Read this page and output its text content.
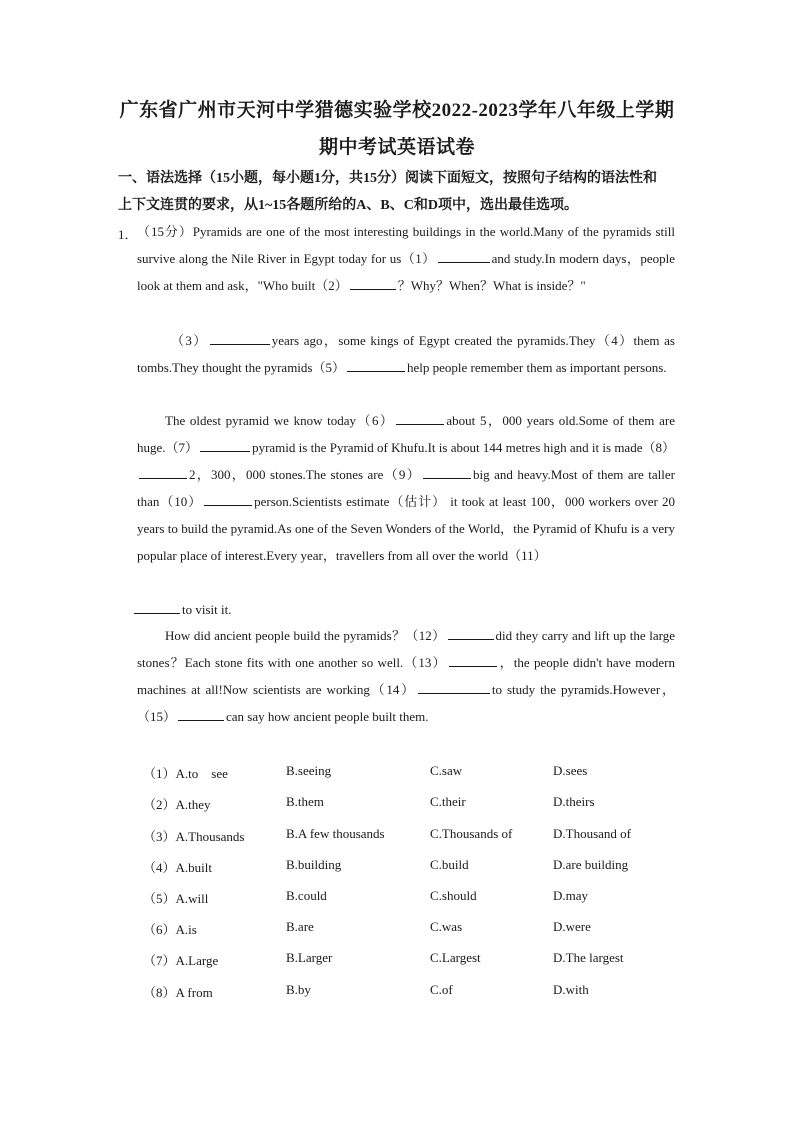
广东省广州市天河中学猎德实验学校2022-2023学年八年级上学期
期中考试英语试卷
一、语法选择（15小题，每小题1分，共15分）阅读下面短文，按照句子结构的语法性和
上下文连贯的要求，从1~15各题所给的A、B、C和D项中，选出最佳选项。
1． （15分）Pyramids are one of the most interesting buildings in the world.Many of the pyramids still survive along the Nile River in Egypt today for us（1）	and study.In modern days，people look at them and ask，"Who built（2）	？Why？When？What is inside？"
（3）	years ago，some kings of Egypt created the pyramids.They（4）them as tombs.They thought the pyramids（5）	help people remember them as important persons.
The oldest pyramid we know today（6）	about 5，000 years old.Some of them are huge.（7）	pyramid is the Pyramid of Khufu.It is about 144 metres high and it is made（8）2，300，000 stones.The stones are（9）	big and heavy.Most of them are taller than（10）	person.Scientists estimate（估计） it took at least 100，000 workers over 20 years to build the pyramid.As one of the Seven Wonders of the World，the Pyramid of Khufu is a very popular place of interest.Every year，travellers from all over the world（11）
to visit it.
How did ancient people build the pyramids？（12）	did they carry and lift up the large stones？Each stone fits with one another so well.（13）	，the people didn't have modern machines at all!Now scientists are working（14）	to study the pyramids.However，（15）	can say how ancient people built them.
（1）A.to　see	B.seeing	C.saw	D.sees
（2）A.they	B.them	C.their	D.theirs
（3）A.Thousands	B.A few thousands	C.Thousands of	D.Thousand of
（4）A.built	B.building	C.build	D.are building
（5）A.will	B.could	C.should	D.may
（6）A.is	B.are	C.was	D.were
（7）A.Large	B.Larger	C.Largest	D.The largest
（8）A from	B.by	C.of	D.with
